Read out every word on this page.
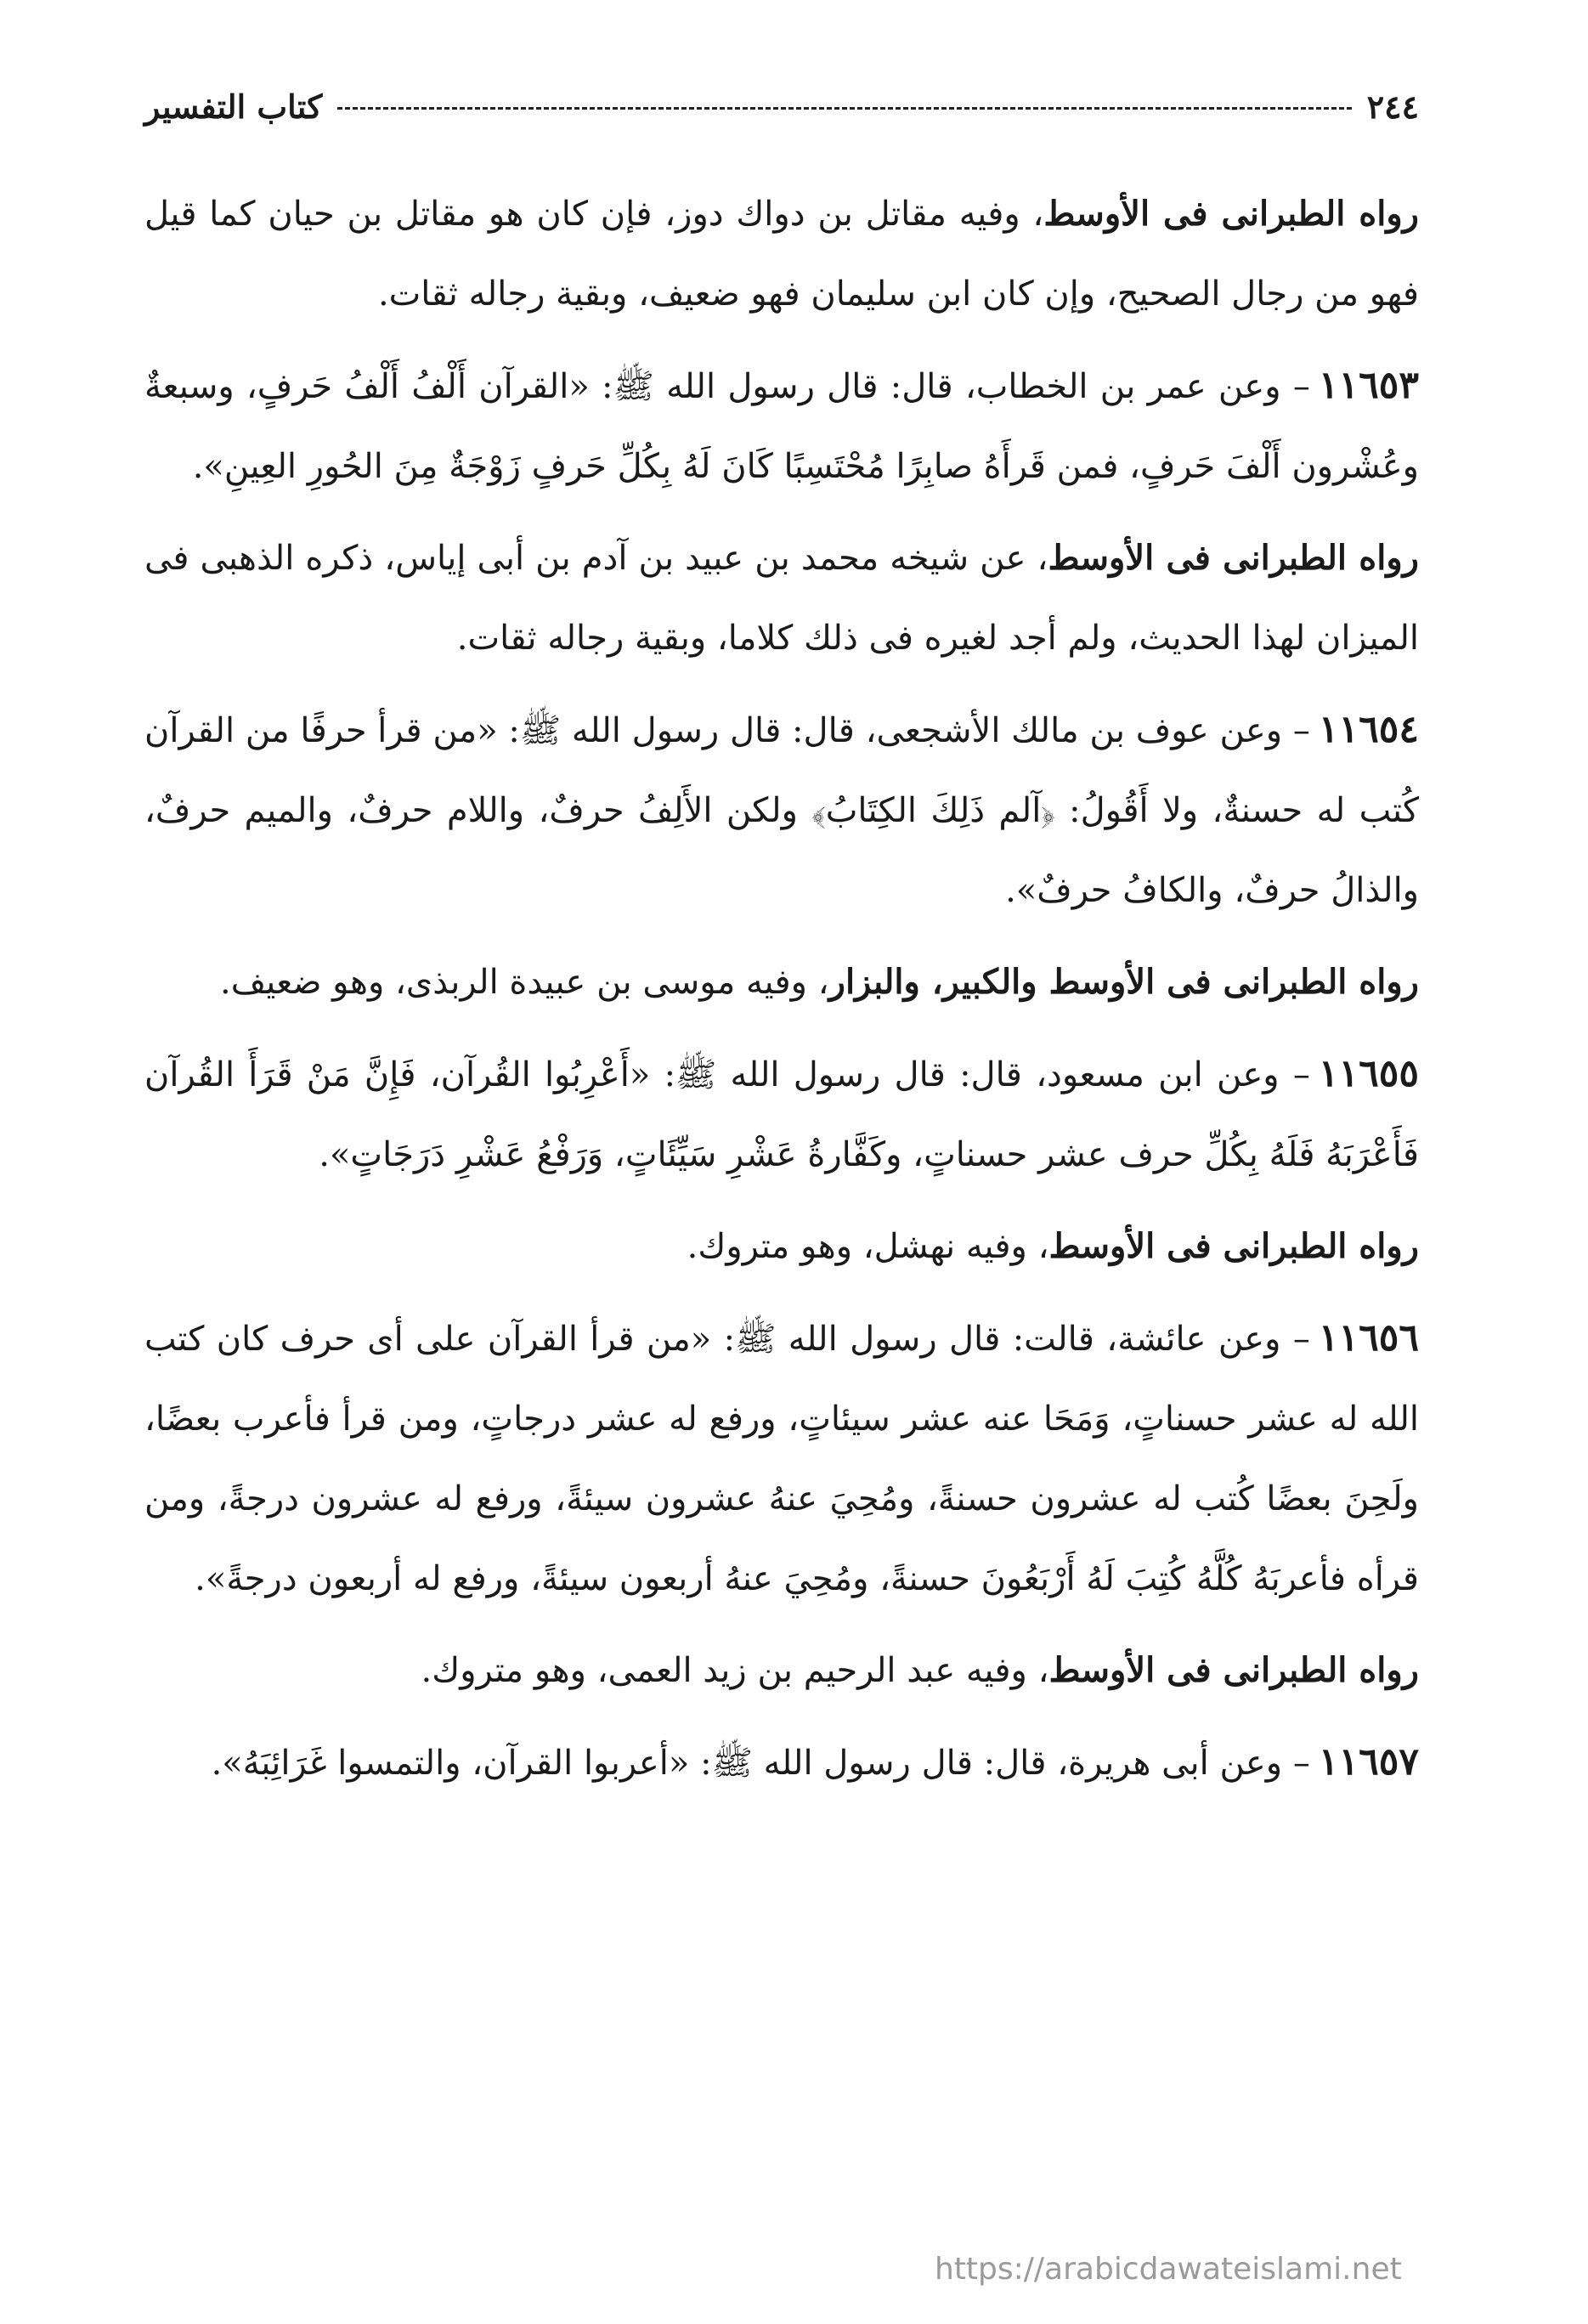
٢٤٤
كتاب التفسير

رواه الطبرانى فى الأوسط، وفيه مقاتل بن دواك دوز، فإن كان هو مقاتل بن حيان كما قيل فهو من رجال الصحيح، وإن كان ابن سليمان فهو ضعيف، وبقية رجاله ثقات.

١١٦٥٣– وعن عمر بن الخطاب، قال: قال رسول الله ﷺ: «القرآن أَلْفُ أَلْفُ حَرفٍ، وسبعةٌ وعُشْرون أَلْفَ حَرفٍ، فمن قَرأَهُ صابِرًا مُحْتَسِبًا كَانَ لَهُ بِكُلِّ حَرفٍ زَوْجَةٌ مِنَ الحُورِ العِينِ».

رواه الطبرانى فى الأوسط، عن شيخه محمد بن عبيد بن آدم بن أبى إياس، ذكره الذهبى فى الميزان لهذا الحديث، ولم أجد لغيره فى ذلك كلاما، وبقية رجاله ثقات.

١١٦٥٤– وعن عوف بن مالك الأشجعى، قال: قال رسول الله ﷺ: «من قرأ حرفًا من القرآن كُتب له حسنةٌ، ولا أَقُولُ: ﴿آلم ذَلِكَ الكِتَابُ﴾ ولكن الأَلِفُ حرفٌ، واللام حرفٌ، والميم حرفٌ، والذالُ حرفٌ، والكافُ حرفٌ».

رواه الطبرانى فى الأوسط والكبير، والبزار، وفيه موسى بن عبيدة الربذى، وهو ضعيف.

١١٦٥٥– وعن ابن مسعود، قال: قال رسول الله ﷺ: «أَعْرِبُوا القُرآن، فَإِنَّ مَنْ قَرَأَ القُرآن فَأَعْرَبَهُ فَلَهُ بِكُلِّ حرف عشر حسناتٍ، وكَفَّارةُ عَشْرِ سَيِّئَاتٍ، وَرَفْعُ عَشْرِ دَرَجَاتٍ».

رواه الطبرانى فى الأوسط، وفيه نهشل، وهو متروك.

١١٦٥٦– وعن عائشة، قالت: قال رسول الله ﷺ: «من قرأ القرآن على أى حرف كان كتب الله له عشر حسناتٍ، وَمَحَا عنه عشر سيئاتٍ، ورفع له عشر درجاتٍ، ومن قرأ فأعرب بعضًا، ولَحِنَ بعضًا كُتب له عشرون حسنةً، ومُحِيَ عنهُ عشرون سيئةً، ورفع له عشرون درجةً، ومن قرأه فأعربَهُ كُلَّهُ كُتِبَ لَهُ أَرْبَعُونَ حسنةً، ومُحِيَ عنهُ أربعون سيئةً، ورفع له أربعون درجةً».

رواه الطبرانى فى الأوسط، وفيه عبد الرحيم بن زيد العمى، وهو متروك.

١١٦٥٧– وعن أبى هريرة، قال: قال رسول الله ﷺ: «أعربوا القرآن، والتمسوا غَرَائِبَهُ».

https://arabicdawateislami.net
